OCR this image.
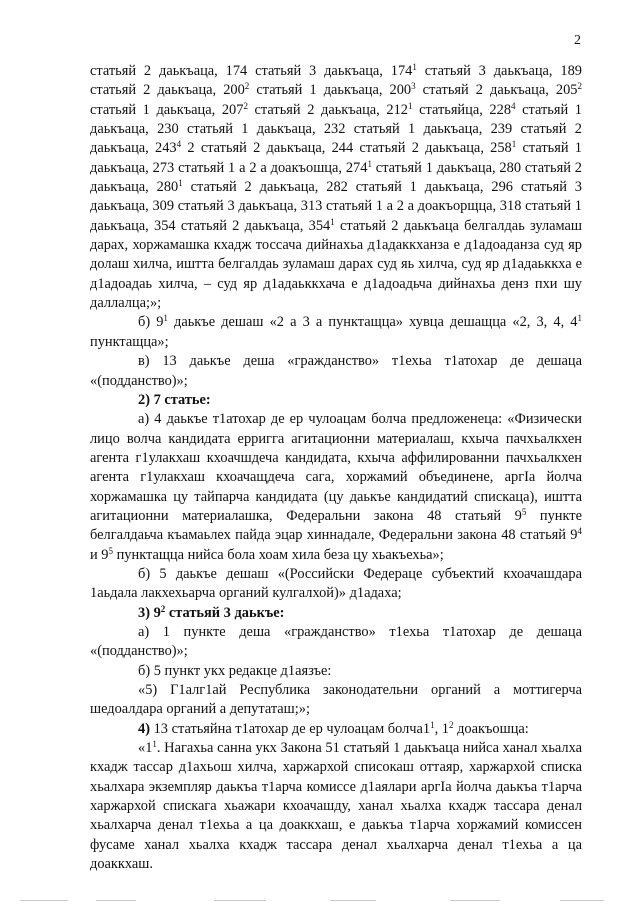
2

статьяй 2 даькъаца, 174 статьяй 3 даькъаца, $174^1$ статьяй 3 даькъаца, 189 статьяй 2 даькъаца, $200^2$ статьяй 1 даькъаца, $200^3$ статьяй 2 даькъаца, $205^2$ статьяй 1 даькъаца, $207^2$ статьяй 2 даькъаца, $212^1$ статьяйца, $228^4$ статьяй 1 даькъаца, 230 статьяй 1 даькъаца, 232 статьяй 1 даькъаца, 239 статьяй 2 даькъаца, $243^4$ 2 статьяй 2 даькъаца, 244 статьяй 2 даькъаца, $258^1$ статьяй 1 даькъаца, 273 статьяй 1 а 2 а доакъошца, $274^1$ статьяй 1 даькъаца, 280 статьяй 2 даькъаца, $280^1$ статьяй 2 даькъаца, 282 статьяй 1 даькъаца, 296 статьяй 3 даькъаца, 309 статьяй 3 даькъаца, 313 статьяй 1 а 2 а доакъорщца, 318 статьяй 1 даькъаца, 354 статьяй 2 даькъаца, $354^1$ статьяй 2 даькъаца белгалдаь зуламаш дарах, хоржамашка кхадж тоссача дийнахьа д1адаккханза е д1адоаданза суд яр долаш хилча, иштта белгалдаь зуламаш дарах суд яь хилча, суд яр д1адаьккха е д1адоадаь хилча, – суд яр д1адаьккхача е д1адоадьча дийнахьа денз пхи шу даллалца;»;

б) $9^1$ даькъе дешаш «2 а 3 а пунктащца» хувца дешащца «2, 3, 4, $4^1$ пунктащца»;

в) 13 даькъе деша «гражданство» т1ехьа т1атохар де дешаца «(подданство)»;

2) 7 статье:

а) 4 даькъе т1атохар де ер чулоацам болча предложенеца: «Физически лицо волча кандидата ерригга агитационни материалаш, кхыча пачхьалкхен агента г1улакхаш кхоачшдеча кандидата, кхыча аффилированни пачхьалкхен агента г1улакхаш кхоачащдеча сага, хоржамий объединене, аргIа йолча хоржамашка цу тайпарча кандидата (цу даькъе кандидатий спискаца), иштта агитационни материалашка, Федеральни закона 48 статьяй $9^5$ пункте белгалдаьча къамаьлех пайда эцар хиннадале, Федеральни закона 48 статьяй $9^4$ и $9^5$ пунктащца нийса бола хоам хила беза цу хьакъехьа»;

б) 5 даькъе дешаш «(Российски Федераце субъектий кхоачашдара 1аьдала лакхехьарча органий кулгалхой)» д1адаха;

3) $9^2$ статьяй 3 даькъе:

а) 1 пункте деша «гражданство» т1ехьа т1атохар де дешаца «(подданство)»;

б) 5 пункт укх редакце д1аязъе:

«5) Г1алг1ай Республика законодательни органий а моттигерча шедоалдара органий а депутаташ;»;

4) 13 статьяйна т1атохар де ер чулоацам $болча1^1$, $1^2$ доакъошца:

«$1^1$. Нагахьа санна укх Закона 51 статьяй 1 даькъаца нийса ханал хьалха кхадж тассар д1ахьош хилча, харжархой списокаш оттаяр, харжархой списка хьалхара экземпляр даькъа т1арча комиссе д1аялари аргIа йолча даькъа т1арча харжархой спискага хьажари кхоачашду, ханал хьалха кхадж тассара денал хьалхарча денал т1ехьа а ца доаккхаш, е даькъа т1арча хоржамий комиссен фусаме ханал хьалха кхадж тассара денал хьалхарча денал т1ехьа а ца доаккхаш.
